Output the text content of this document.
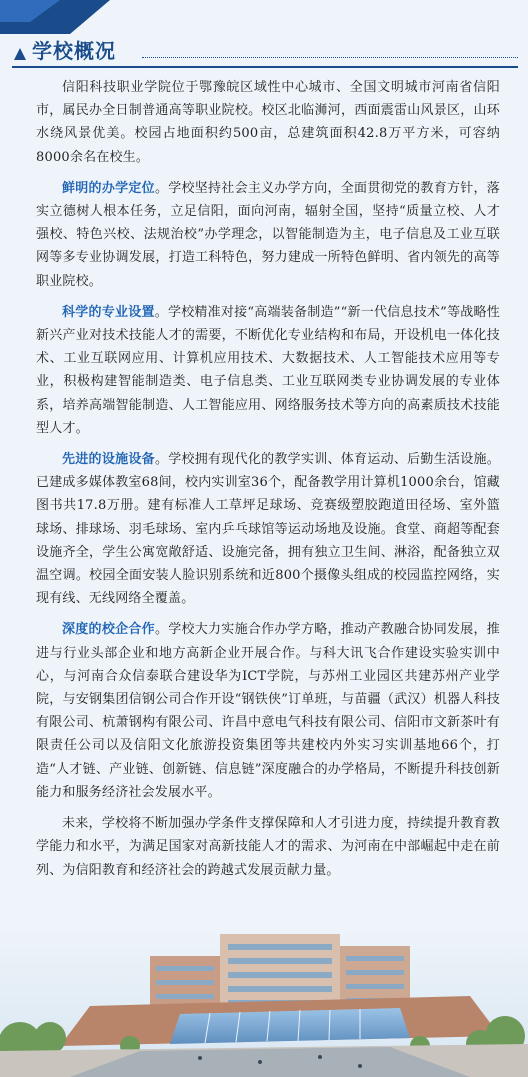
学校概况

信阳科技职业学院位于鄂豫皖区域性中心城市、全国文明城市河南省信阳市，属民办全日制普通高等职业院校。校区北临浉河，西面震雷山风景区，山环水绕风景优美。校园占地面积约500亩，总建筑面积42.8万平方米，可容纳8000余名在校生。

鲜明的办学定位。学校坚持社会主义办学方向，全面贯彻党的教育方针，落实立德树人根本任务，立足信阳，面向河南，辐射全国，坚持“质量立校、人才强校、特色兴校、法规治校”办学理念，以智能制造为主，电子信息及工业互联网等多专业协调发展，打造工科特色，努力建成一所特色鲜明、省内领先的高等职业院校。

科学的专业设置。学校精准对接“高端装备制造”“新一代信息技术”等战略性新兴产业对技术技能人才的需要，不断优化专业结构和布局，开设机电一体化技术、工业互联网应用、计算机应用技术、大数据技术、人工智能技术应用等专业，积极构建智能制造类、电子信息类、工业互联网类专业协调发展的专业体系，培养高端智能制造、人工智能应用、网络服务技术等方向的高素质技术技能型人才。

先进的设施设备。学校拥有现代化的教学实训、体育运动、后勤生活设施。已建成多媒体教室68间，校内实训室36个，配备教学用计算机1000余台，馆藏图书共17.8万册。建有标准人工草坪足球场、竞赛级塑胶跑道田径场、室外篮球场、排球场、羽毛球场、室内乒乓球馆等运动场地及设施。食堂、商超等配套设施齐全，学生公寓宽敞舒适、设施完备，拥有独立卫生间、淋浴，配备独立双温空调。校园全面安装人脸识别系统和近800个摄像头组成的校园监控网络，实现有线、无线网络全覆盖。

深度的校企合作。学校大力实施合作办学方略，推动产教融合协同发展，推进与行业头部企业和地方高新企业开展合作。与科大讯飞合作建设实验实训中心，与河南合众信泰联合建设华为ICT学院，与苏州工业园区共建苏州产业学院，与安钢集团信钢公司合作开设“钢铁侠”订单班，与苗疆（武汉）机器人科技有限公司、杭萧钢构有限公司、许昌中意电气科技有限公司、信阳市文新茶叶有限责任公司以及信阳文化旅游投资集团等共建校内外实习实训基地66个，打造“人才链、产业链、创新链、信息链”深度融合的办学格局，不断提升科技创新能力和服务经济社会发展水平。

未来，学校将不断加强办学条件支撑保障和人才引进力度，持续提升教育教学能力和水平，为满足国家对高新技能人才的需求、为河南在中部崛起中走在前列、为信阳教育和经济社会的跨越式发展贡献力量。
